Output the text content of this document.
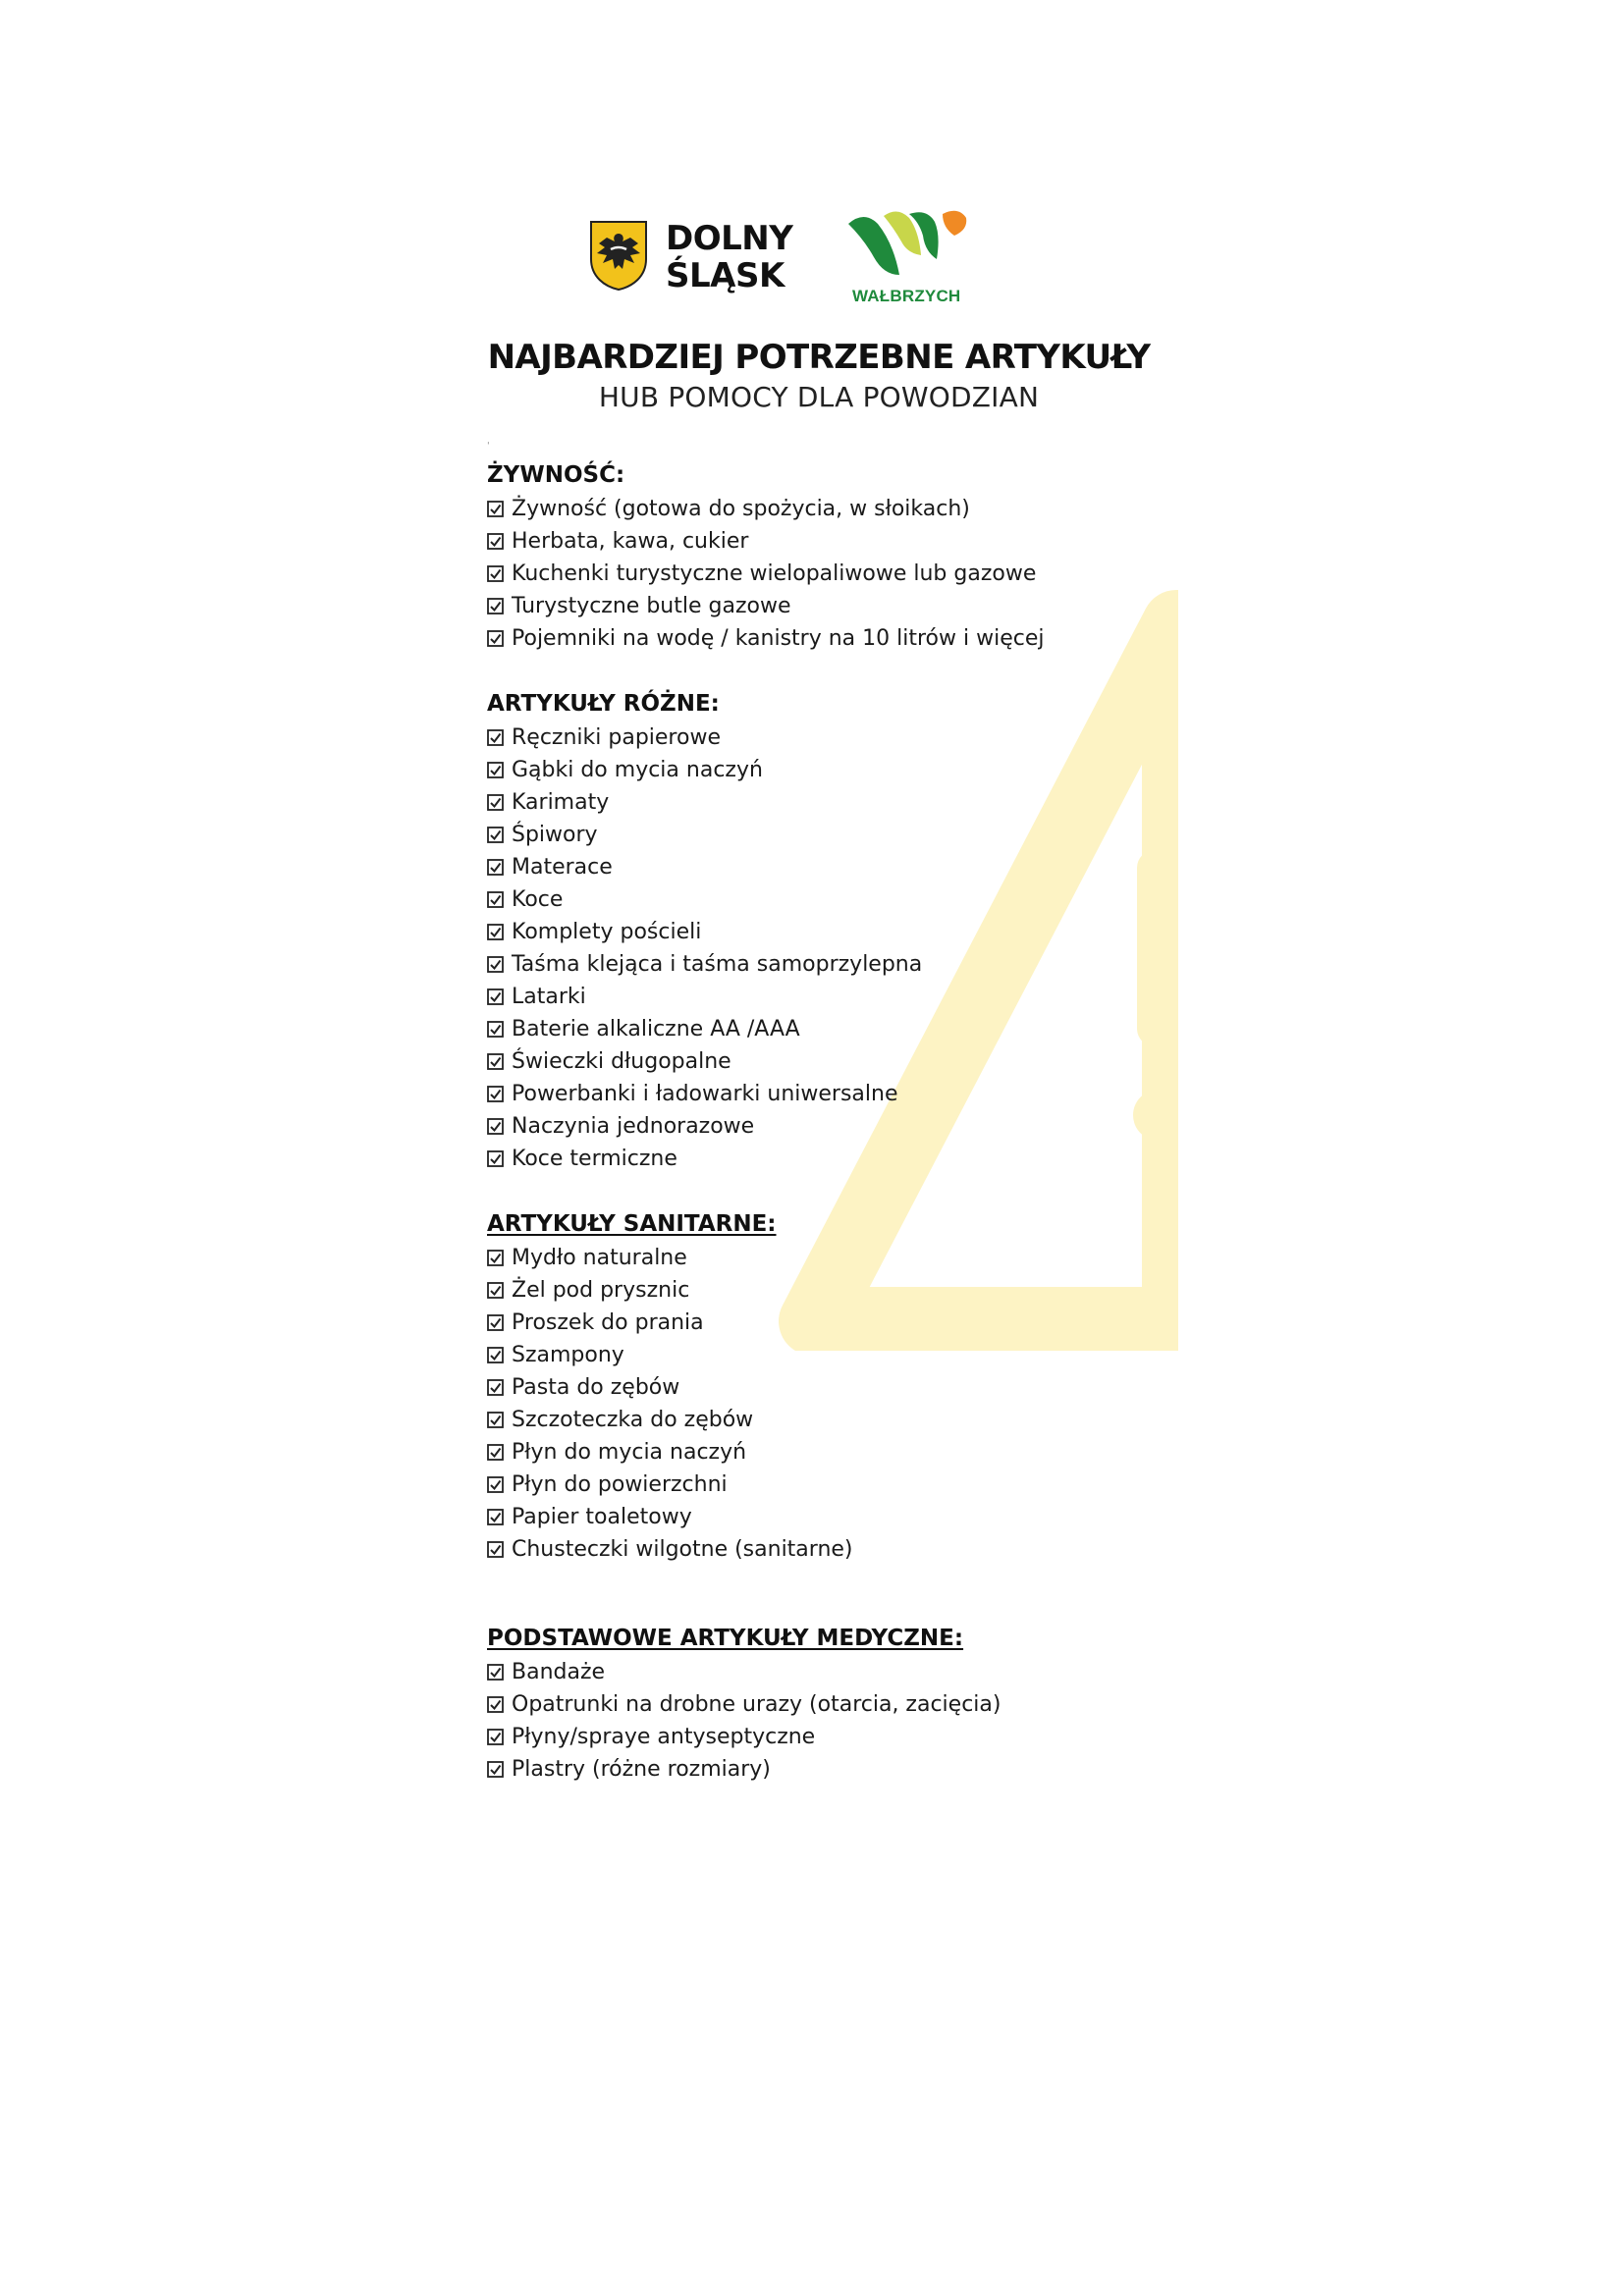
DOLNY
ŚLĄSK
WAŁBRZYCH
NAJBARDZIEJ POTRZEBNE ARTYKUŁY
HUB POMOCY DLA POWODZIAN
ˈ
ŻYWNOŚĆ:
Żywność (gotowa do spożycia, w słoikach)
Herbata, kawa, cukier
Kuchenki turystyczne wielopaliwowe lub gazowe
Turystyczne butle gazowe
Pojemniki na wodę / kanistry na 10 litrów i więcej
ARTYKUŁY RÓŻNE:
Ręczniki papierowe
Gąbki do mycia naczyń
Karimaty
Śpiwory
Materace
Koce
Komplety pościeli
Taśma klejąca i taśma samoprzylepna
Latarki
Baterie alkaliczne AA /AAA
Świeczki długopalne
Powerbanki i ładowarki uniwersalne
Naczynia jednorazowe
Koce termiczne
ARTYKUŁY SANITARNE:
Mydło naturalne
Żel pod prysznic
Proszek do prania
Szampony
Pasta do zębów
Szczoteczka do zębów
Płyn do mycia naczyń
Płyn do powierzchni
Papier toaletowy
Chusteczki wilgotne (sanitarne)
PODSTAWOWE ARTYKUŁY MEDYCZNE:
Bandaże
Opatrunki na drobne urazy (otarcia, zacięcia)
Płyny/spraye antyseptyczne
Plastry (różne rozmiary)
